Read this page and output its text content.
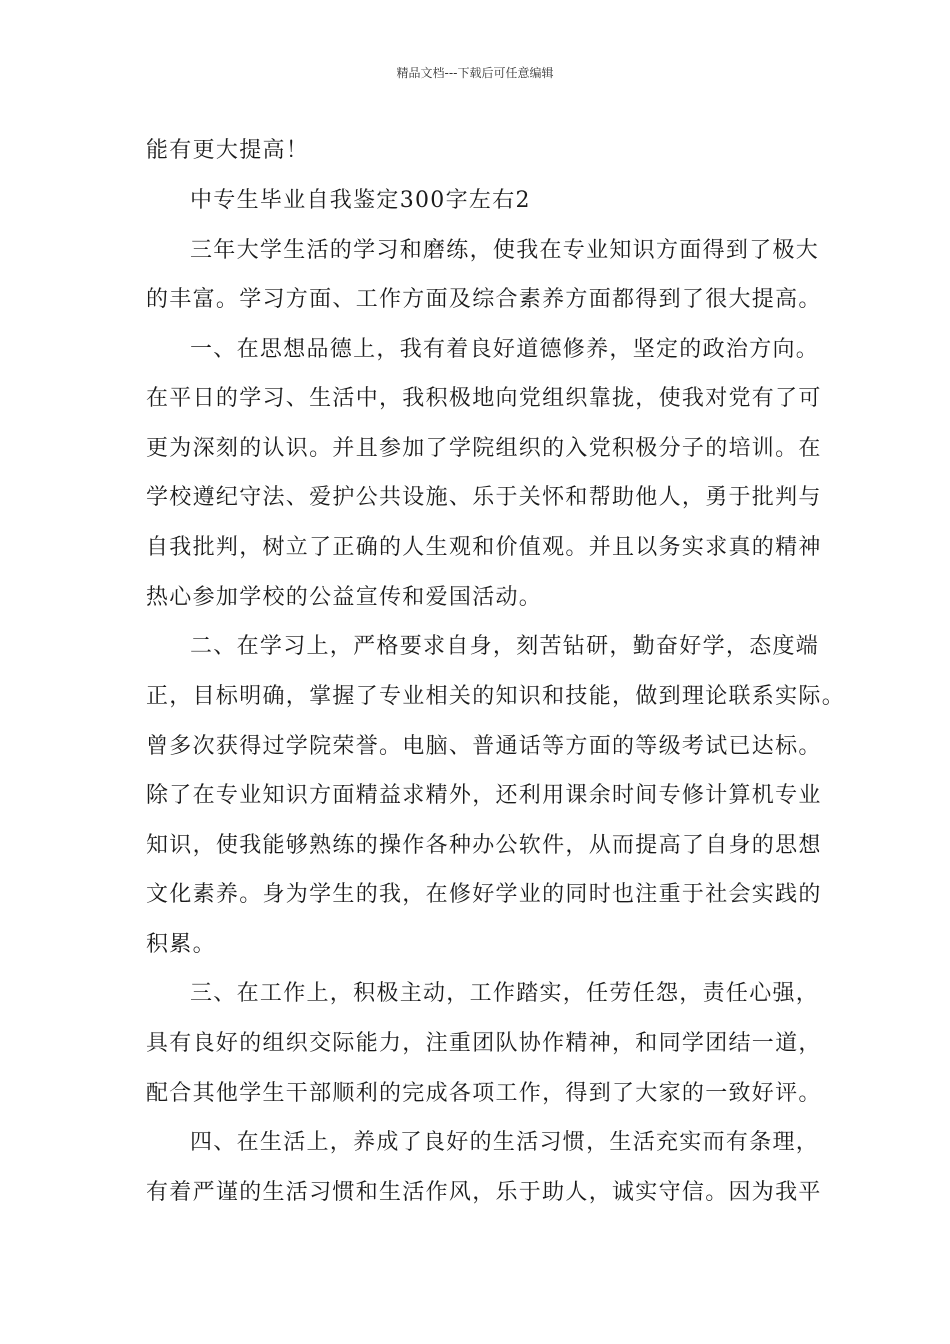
精品文档---下载后可任意编辑
能有更大提高！
中专生毕业自我鉴定300字左右2
三年大学生活的学习和磨练，使我在专业知识方面得到了极大
的丰富。学习方面、工作方面及综合素养方面都得到了很大提高。
一、在思想品德上，我有着良好道德修养，坚定的政治方向。
在平日的学习、生活中，我积极地向党组织靠拢，使我对党有了可
更为深刻的认识。并且参加了学院组织的入党积极分子的培训。在
学校遵纪守法、爱护公共设施、乐于关怀和帮助他人，勇于批判与
自我批判，树立了正确的人生观和价值观。并且以务实求真的精神
热心参加学校的公益宣传和爱国活动。
二、在学习上，严格要求自身，刻苦钻研，勤奋好学，态度端
正，目标明确，掌握了专业相关的知识和技能，做到理论联系实际。
曾多次获得过学院荣誉。电脑、普通话等方面的等级考试已达标。
除了在专业知识方面精益求精外，还利用课余时间专修计算机专业
知识，使我能够熟练的操作各种办公软件，从而提高了自身的思想
文化素养。身为学生的我，在修好学业的同时也注重于社会实践的
积累。
三、在工作上，积极主动，工作踏实，任劳任怨，责任心强，
具有良好的组织交际能力，注重团队协作精神，和同学团结一道，
配合其他学生干部顺利的完成各项工作，得到了大家的一致好评。
四、在生活上，养成了良好的生活习惯，生活充实而有条理，
有着严谨的生活习惯和生活作风，乐于助人，诚实守信。因为我平
